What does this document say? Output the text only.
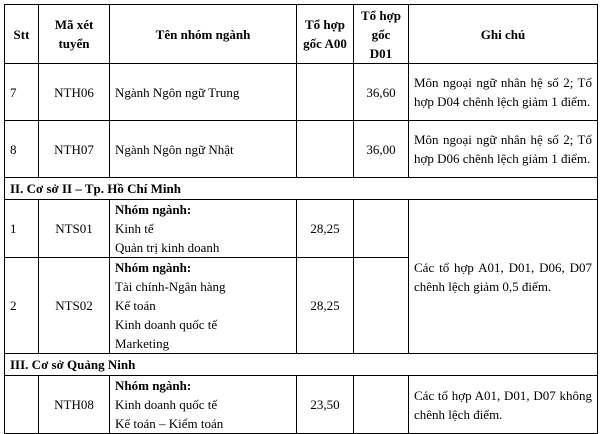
Stt	Mã xét tuyển	Tên nhóm ngành	Tổ hợp gốc A00	Tổ hợp gốc D01	Ghi chú
7	NTH06	Ngành Ngôn ngữ Trung		36,60	Môn ngoại ngữ nhân hệ số 2; Tổ hợp D04 chênh lệch giảm 1 điểm.
8	NTH07	Ngành Ngôn ngữ Nhật		36,00	Môn ngoại ngữ nhân hệ số 2; Tổ hợp D06 chênh lệch giảm 1 điểm.
II. Cơ sở II – Tp. Hồ Chí Minh					
1	NTS01	Nhóm ngành:
Kinh tế
Quản trị kinh doanh	28,25		Các tổ hợp A01, D01, D06, D07 chênh lệch giảm 0,5 điểm.
2	NTS02	Nhóm ngành:
Tài chính-Ngân hàng
Kế toán
Kinh doanh quốc tế
Marketing	28,25		
III. Cơ sở Quảng Ninh					
	NTH08	Nhóm ngành:
Kinh doanh quốc tế
Kế toán – Kiểm toán	23,50		Các tổ hợp A01, D01, D07 không chênh lệch điểm.
